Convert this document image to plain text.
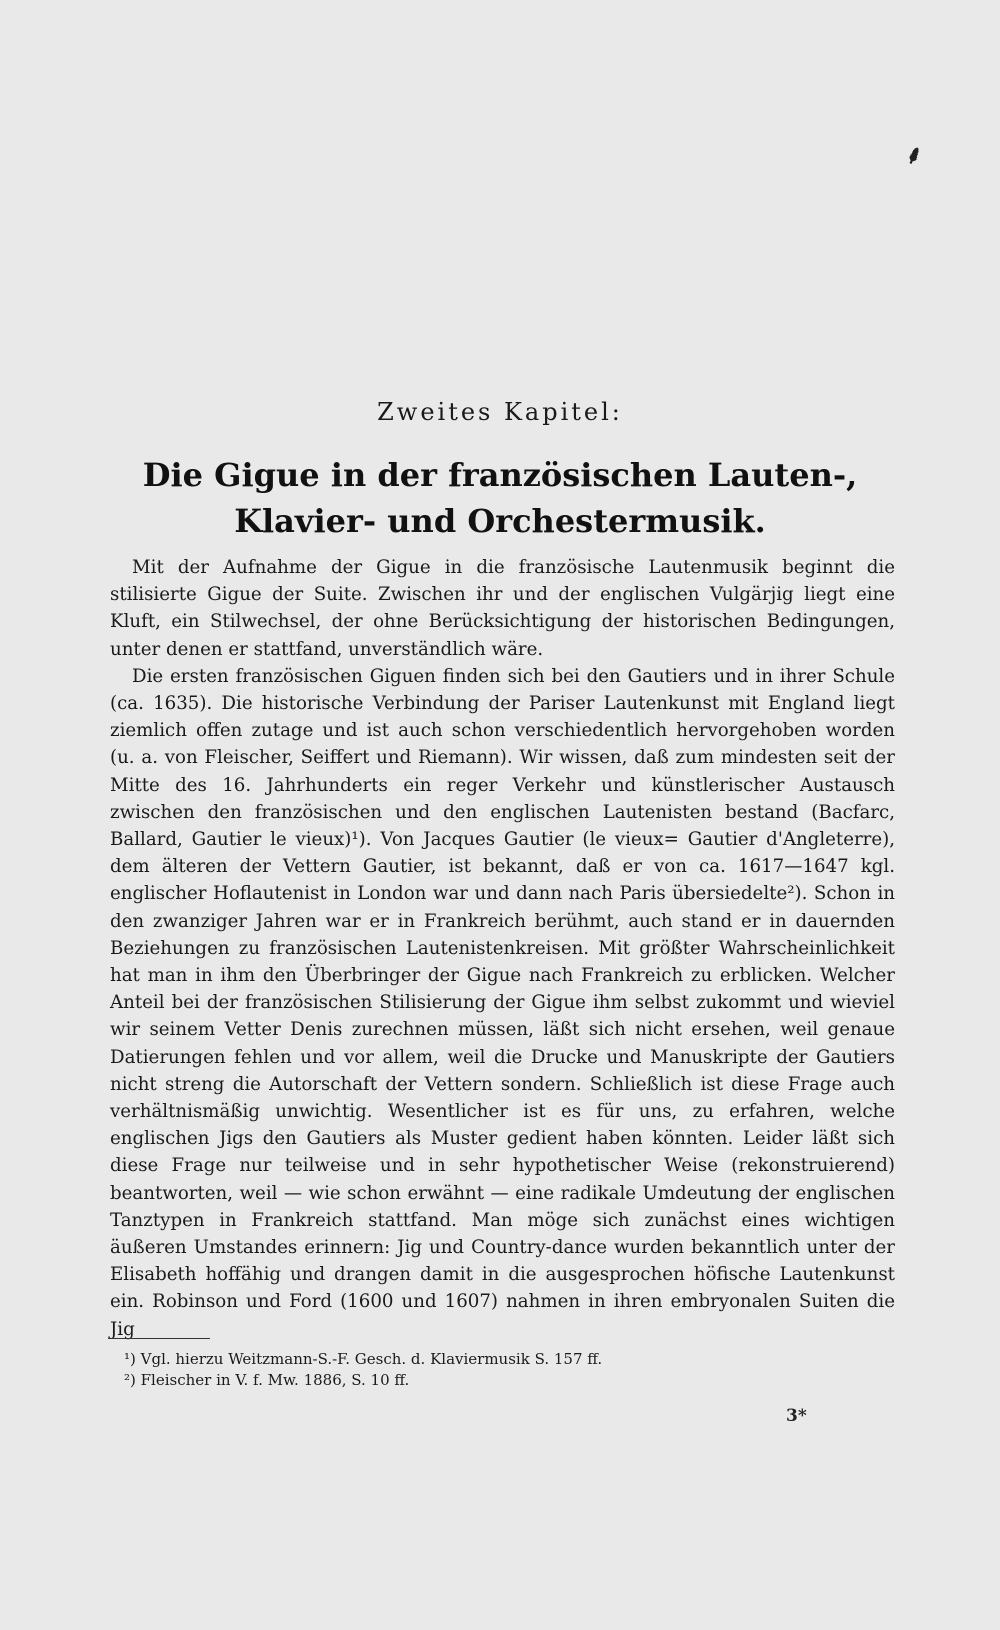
⸙
Zweites Kapitel:
Die Gigue in der französischen Lauten-, Klavier- und Orchestermusik.

Mit der Aufnahme der Gigue in die französische Lautenmusik beginnt die stilisierte Gigue der Suite. Zwischen ihr und der englischen Vulgärjig liegt eine Kluft, ein Stilwechsel, der ohne Berücksichtigung der historischen Bedingungen, unter denen er stattfand, unverständlich wäre.

Die ersten französischen Giguen finden sich bei den Gautiers und in ihrer Schule (ca. 1635). Die historische Verbindung der Pariser Lautenkunst mit England liegt ziemlich offen zutage und ist auch schon verschiedentlich hervorgehoben worden (u. a. von Fleischer, Seiffert und Riemann). Wir wissen, daß zum mindesten seit der Mitte des 16. Jahrhunderts ein reger Verkehr und künstlerischer Austausch zwischen den französischen und den englischen Lautenisten bestand (Bacfarc, Ballard, Gautier le vieux)¹). Von Jacques Gautier (le vieux= Gautier d'Angleterre), dem älteren der Vettern Gautier, ist bekannt, daß er von ca. 1617—1647 kgl. englischer Hoflautenist in London war und dann nach Paris übersiedelte²). Schon in den zwanziger Jahren war er in Frankreich berühmt, auch stand er in dauernden Beziehungen zu französischen Lautenistenkreisen. Mit größter Wahrscheinlichkeit hat man in ihm den Überbringer der Gigue nach Frankreich zu erblicken. Welcher Anteil bei der französischen Stilisierung der Gigue ihm selbst zukommt und wieviel wir seinem Vetter Denis zurechnen müssen, läßt sich nicht ersehen, weil genaue Datierungen fehlen und vor allem, weil die Drucke und Manuskripte der Gautiers nicht streng die Autorschaft der Vettern sondern. Schließlich ist diese Frage auch verhältnismäßig unwichtig. Wesentlicher ist es für uns, zu erfahren, welche englischen Jigs den Gautiers als Muster gedient haben könnten. Leider läßt sich diese Frage nur teilweise und in sehr hypothetischer Weise (rekonstruierend) beantworten, weil — wie schon erwähnt — eine radikale Umdeutung der englischen Tanztypen in Frankreich stattfand. Man möge sich zunächst eines wichtigen äußeren Umstandes erinnern: Jig und Country-dance wurden bekanntlich unter der Elisabeth hoffähig und drangen damit in die ausgesprochen höfische Lautenkunst ein. Robinson und Ford (1600 und 1607) nahmen in ihren embryonalen Suiten die Jig

¹) Vgl. hierzu Weitzmann-S.-F. Gesch. d. Klaviermusik S. 157 ff.
²) Fleischer in V. f. Mw. 1886, S. 10 ff.
3*
